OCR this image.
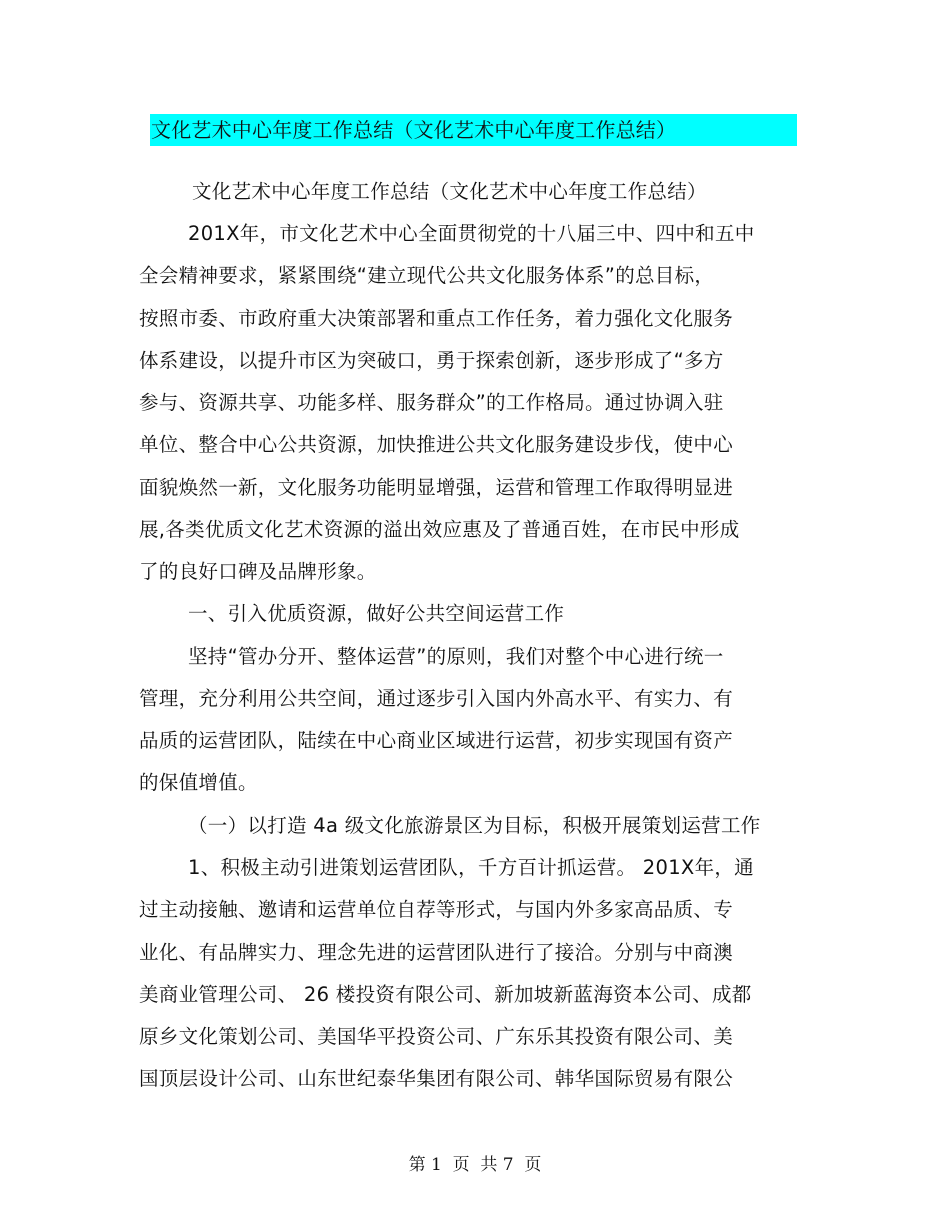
文化艺术中心年度工作总结（文化艺术中心年度工作总结）
文化艺术中心年度工作总结（文化艺术中心年度工作总结）
201X年，市文化艺术中心全面贯彻党的十八届三中、四中和五中
全会精神要求，紧紧围绕“建立现代公共文化服务体系”的总目标，
按照市委、市政府重大决策部署和重点工作任务，着力强化文化服务
体系建设，以提升市区为突破口，勇于探索创新，逐步形成了“多方
参与、资源共享、功能多样、服务群众”的工作格局。通过协调入驻
单位、整合中心公共资源，加快推进公共文化服务建设步伐，使中心
面貌焕然一新，文化服务功能明显增强，运营和管理工作取得明显进
展,各类优质文化艺术资源的溢出效应惠及了普通百姓，在市民中形成
了的良好口碑及品牌形象。
一、引入优质资源，做好公共空间运营工作
坚持“管办分开、整体运营”的原则，我们对整个中心进行统一
管理，充分利用公共空间，通过逐步引入国内外高水平、有实力、有
品质的运营团队，陆续在中心商业区域进行运营，初步实现国有资产
的保值增值。
（一）以打造 4a 级文化旅游景区为目标，积极开展策划运营工作
1、积极主动引进策划运营团队，千方百计抓运营。 201X年，通
过主动接触、邀请和运营单位自荐等形式，与国内外多家高品质、专
业化、有品牌实力、理念先进的运营团队进行了接洽。分别与中商澳
美商业管理公司、 26 楼投资有限公司、新加坡新蓝海资本公司、成都
原乡文化策划公司、美国华平投资公司、广东乐其投资有限公司、美
国顶层设计公司、山东世纪泰华集团有限公司、韩华国际贸易有限公
第 1  页  共 7  页
